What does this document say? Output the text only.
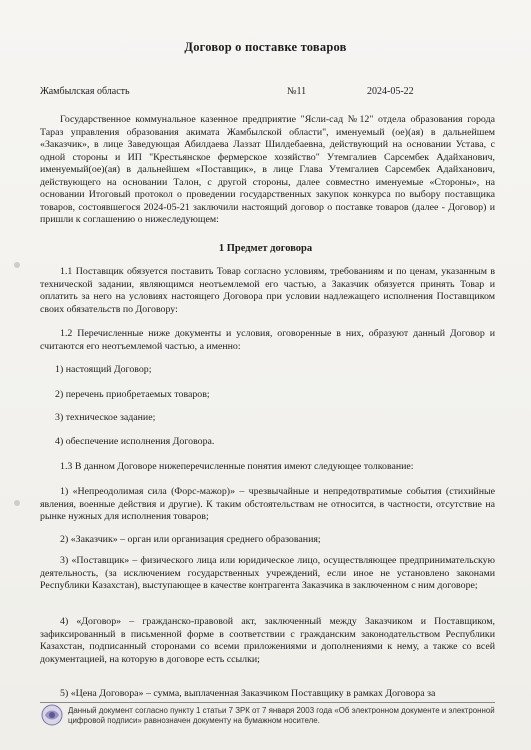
Договор о поставке товаров
Жамбылская область	№11	2024-05-22

Государственное коммунальное казенное предприятие "Ясли-сад №12" отдела образования города Тараз управления образования акимата Жамбылской области", именуемый (ое)(ая) в дальнейшем «Заказчик», в лице Заведующая Абилдаева Лаззат Шилдебаевна, действующий на основании Устава, с одной стороны и ИП "Крестьянское фермерское хозяйство" Утемгалиев Сарсембек Адайханович, именуемый(ое)(ая) в дальнейшем «Поставщик», в лице Глава Утемгалиев Сарсембек Адайханович, действующего на основании Талон, с другой стороны, далее совместно именуемые «Стороны», на основании Итоговый протокол о проведении государственных закупок конкурса по выбору поставщика товаров, состоявшегося 2024-05-21 заключили настоящий договор о поставке товаров (далее - Договор) и пришли к соглашению о нижеследующем:

1 Предмет договора

1.1 Поставщик обязуется поставить Товар согласно условиям, требованиям и по ценам, указанным в технической задании, являющимся неотъемлемой его частью, а Заказчик обязуется принять Товар и оплатить за него на условиях настоящего Договора при условии надлежащего исполнения Поставщиком своих обязательств по Договору:

1.2 Перечисленные ниже документы и условия, оговоренные в них, образуют данный Договор и считаются его неотъемлемой частью, а именно:

1) настоящий Договор;
2) перечень приобретаемых товаров;
3) техническое задание;
4) обеспечение исполнения Договора.

1.3 В данном Договоре нижеперечисленные понятия имеют следующее толкование:

1) «Непреодолимая сила (Форс-мажор)» – чрезвычайные и непредотвратимые события (стихийные явления, военные действия и другие). К таким обстоятельствам не относится, в частности, отсутствие на рынке нужных для исполнения товаров;

2) «Заказчик» – орган или организация среднего образования;

3) «Поставщик» – физического лица или юридическое лицо, осуществляющее предпринимательскую деятельность, (за исключением государственных учреждений, если иное не установлено законами Республики Казахстан), выступающее в качестве контрагента Заказчика в заключенном с ним договоре;

4) «Договор» – гражданско-правовой акт, заключенный между Заказчиком и Поставщиком, зафиксированный в письменной форме в соответствии с гражданским законодательством Республики Казахстан, подписанный сторонами со всеми приложениями и дополнениями к нему, а также со всей документацией, на которую в договоре есть ссылки;

5) «Цена Договора» – сумма, выплаченная Заказчиком Поставщику в рамках Договора за

Данный документ согласно пункту 1 статьи 7 ЗРК от 7 января 2003 года «Об электронном документе и электронной цифровой подписи» равнозначен документу на бумажном носителе.
